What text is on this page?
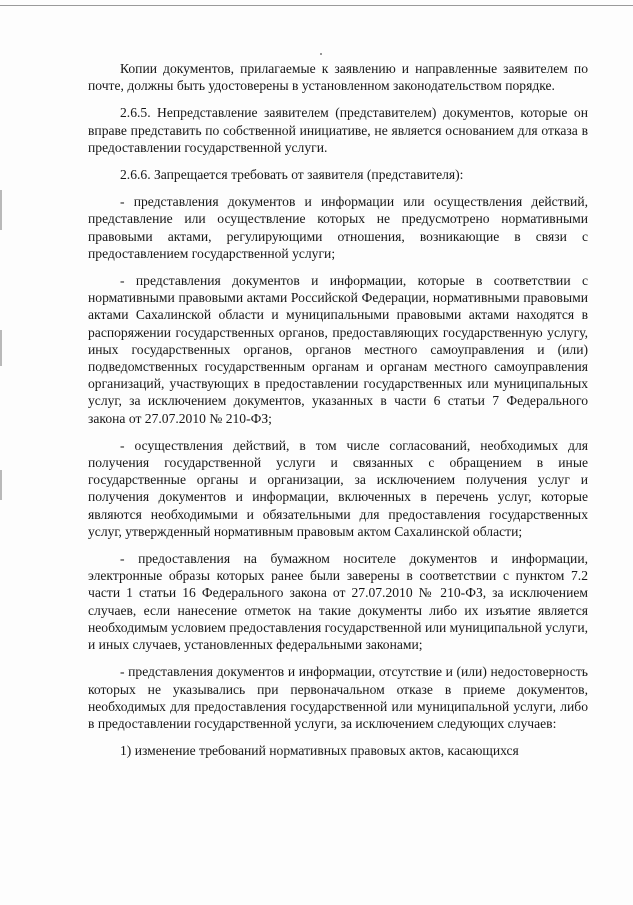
Копии документов, прилагаемые к заявлению и направленные заявителем по почте, должны быть удостоверены в установленном законодательством порядке.

2.6.5. Непредставление заявителем (представителем) документов, которые он вправе представить по собственной инициативе, не является основанием для отказа в предоставлении государственной услуги.

2.6.6. Запрещается требовать от заявителя (представителя):

- представления документов и информации или осуществления действий, представление или осуществление которых не предусмотрено нормативными правовыми актами, регулирующими отношения, возникающие в связи с предоставлением государственной услуги;

- представления документов и информации, которые в соответствии с нормативными правовыми актами Российской Федерации, нормативными правовыми актами Сахалинской области и муниципальными правовыми актами находятся в распоряжении государственных органов, предоставляющих государственную услугу, иных государственных органов, органов местного самоуправления и (или) подведомственных государственным органам и органам местного самоуправления организаций, участвующих в предоставлении государственных или муниципальных услуг, за исключением документов, указанных в части 6 статьи 7 Федерального закона от 27.07.2010 № 210-ФЗ;

- осуществления действий, в том числе согласований, необходимых для получения государственной услуги и связанных с обращением в иные государственные органы и организации, за исключением получения услуг и получения документов и информации, включенных в перечень услуг, которые являются необходимыми и обязательными для предоставления государственных услуг, утвержденный нормативным правовым актом Сахалинской области;

- предоставления на бумажном носителе документов и информации, электронные образы которых ранее были заверены в соответствии с пунктом 7.2 части 1 статьи 16 Федерального закона от 27.07.2010 № 210-ФЗ, за исключением случаев, если нанесение отметок на такие документы либо их изъятие является необходимым условием предоставления государственной или муниципальной услуги, и иных случаев, установленных федеральными законами;

- представления документов и информации, отсутствие и (или) недостоверность которых не указывались при первоначальном отказе в приеме документов, необходимых для предоставления государственной или муниципальной услуги, либо в предоставлении государственной услуги, за исключением следующих случаев:

1) изменение требований нормативных правовых актов, касающихся
